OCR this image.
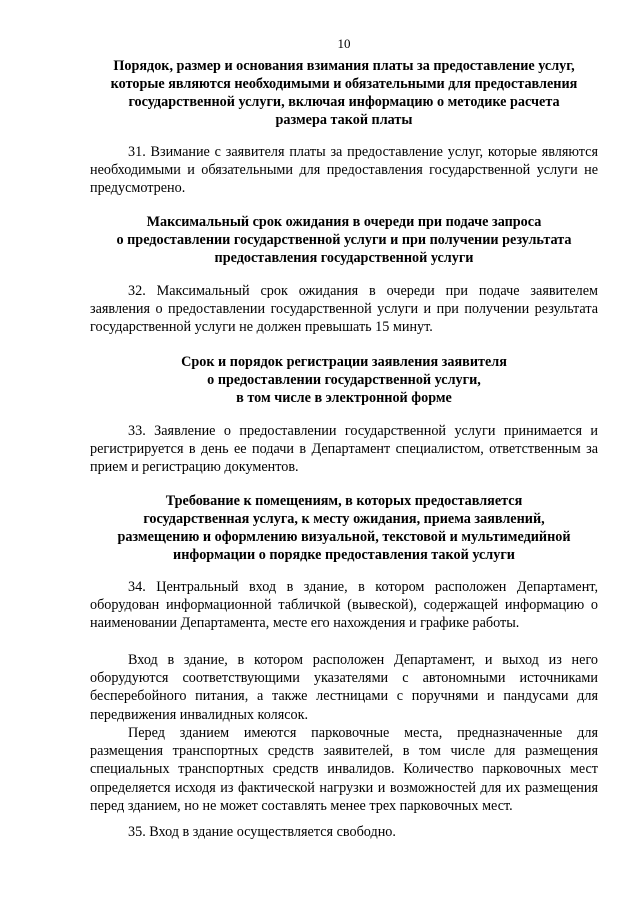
10
Порядок, размер и основания взимания платы за предоставление услуг,
которые являются необходимыми и обязательными для предоставления
государственной услуги, включая информацию о методике расчета
размера такой платы

31. Взимание с заявителя платы за предоставление услуг, которые являются необходимыми и обязательными для предоставления государственной услуги не предусмотрено.

Максимальный срок ожидания в очереди при подаче запроса
о предоставлении государственной услуги и при получении результата
предоставления государственной услуги

32. Максимальный срок ожидания в очереди при подаче заявителем заявления о предоставлении государственной услуги и при получении результата государственной услуги не должен превышать 15 минут.

Срок и порядок регистрации заявления заявителя
о предоставлении государственной услуги,
в том числе в электронной форме

33. Заявление о предоставлении государственной услуги принимается и регистрируется в день ее подачи в Департамент специалистом, ответственным за прием и регистрацию документов.

Требование к помещениям, в которых предоставляется
государственная услуга, к месту ожидания, приема заявлений,
размещению и оформлению визуальной, текстовой и мультимедийной
информации о порядке предоставления такой услуги

34. Центральный вход в здание, в котором расположен Департамент, оборудован информационной табличкой (вывеской), содержащей информацию о наименовании Департамента, месте его нахождения и графике работы.

Вход в здание, в котором расположен Департамент, и выход из него оборудуются соответствующими указателями с автономными источниками бесперебойного питания, а также лестницами с поручнями и пандусами для передвижения инвалидных колясок.

Перед зданием имеются парковочные места, предназначенные для размещения транспортных средств заявителей, в том числе для размещения специальных транспортных средств инвалидов. Количество парковочных мест определяется исходя из фактической нагрузки и возможностей для их размещения перед зданием, но не может составлять менее трех парковочных мест.

35. Вход в здание осуществляется свободно.
